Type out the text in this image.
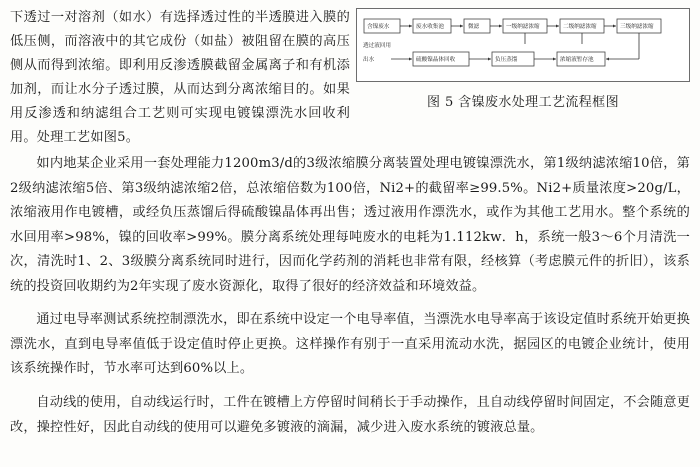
下透过一对溶剂（如水）有选择透过性的半透膜进入膜的低压侧，而溶液中的其它成份（如盐）被阻留在膜的高压侧从而得到浓缩。即利用反渗透膜截留金属离子和有机添加剂，而让水分子透过膜，从而达到分离浓缩目的。如果用反渗透和纳滤组合工艺则可实现电镀镍漂洗水回收利用。处理工艺如图5。
含镍废水	废水收集池	微滤	一级纳滤浓缩	二级纳滤浓缩	三级纳滤浓缩
硫酸镍晶体回收	负压蒸馏	浓缩液暂存池
透过液回用
出水
图 5 含镍废水处理工艺流程框图

如内地某企业采用一套处理能力1200m3/d的3级浓缩膜分离装置处理电镀镍漂洗水，第1级纳滤浓缩10倍，第2级纳滤浓缩5倍、第3级纳滤浓缩2倍，总浓缩倍数为100倍，Ni2+的截留率≥99.5%。Ni2+质量浓度>20g/L，浓缩液用作电镀槽，或经负压蒸馏后得硫酸镍晶体再出售；透过液用作漂洗水，或作为其他工艺用水。整个系统的水回用率>98%，镍的回收率>99%。膜分离系统处理每吨废水的电耗为1.112kw．h，系统一般3～6个月清洗一次，清洗时1、2、3级膜分离系统同时进行，因而化学药剂的消耗也非常有限，经核算（考虑膜元件的折旧），该系统的投资回收期约为2年实现了废水资源化，取得了很好的经济效益和环境效益。

通过电导率测试系统控制漂洗水，即在系统中设定一个电导率值，当漂洗水电导率高于该设定值时系统开始更换漂洗水，直到电导率值低于设定值时停止更换。这样操作有别于一直采用流动水洗，据园区的电镀企业统计，使用该系统操作时，节水率可达到60%以上。

自动线的使用，自动线运行时，工件在镀槽上方停留时间稍长于手动操作，且自动线停留时间固定，不会随意更改，操控性好，因此自动线的使用可以避免多镀液的滴漏，减少进入废水系统的镀液总量。
